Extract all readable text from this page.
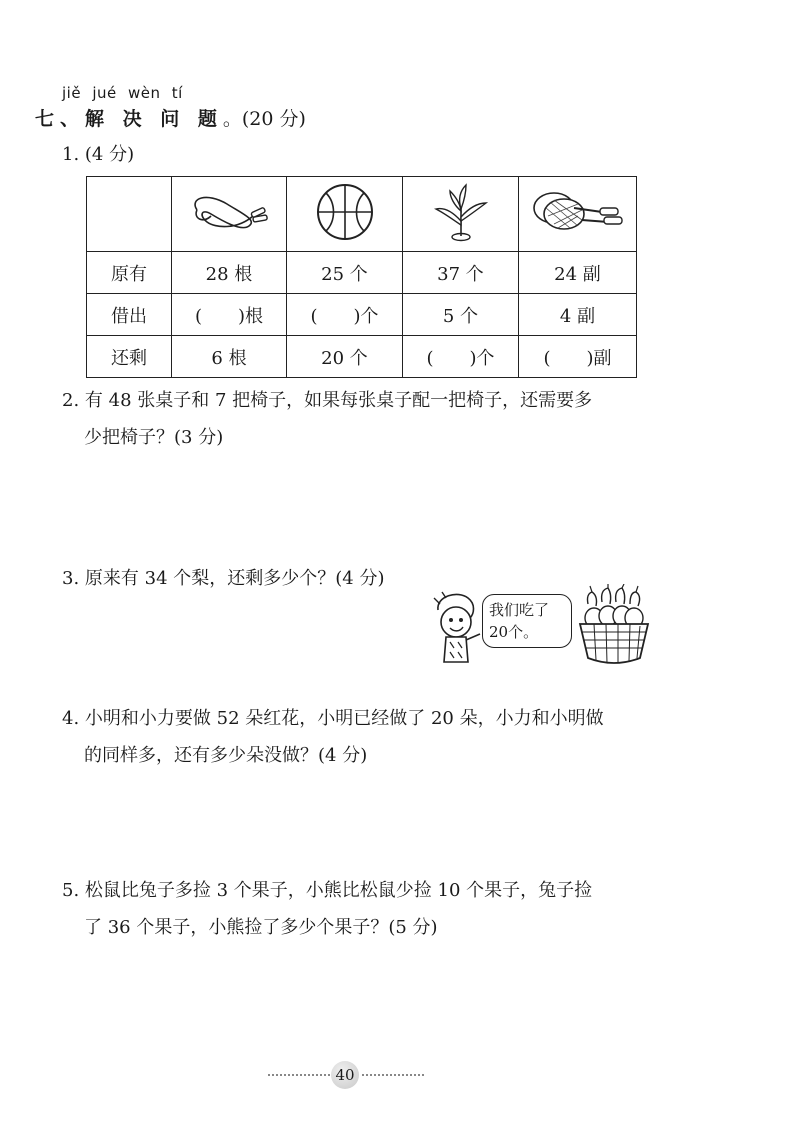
jiě jué wèn tí
七、解 决 问 题。(20 分)
1. (4 分)

原有	28 根	25 个	37 个	24 副
借出	(　　)根	(　　)个	5 个	4 副
还剩	6 根	20 个	(　　)个	(　　)副
2. 有 48 张桌子和 7 把椅子，如果每张桌子配一把椅子，还需要多
少把椅子？(3 分)
3. 原来有 34 个梨，还剩多少个？(4 分)
我们吃了
20个。
4. 小明和小力要做 52 朵红花，小明已经做了 20 朵，小力和小明做
的同样多，还有多少朵没做？(4 分)
5. 松鼠比兔子多捡 3 个果子，小熊比松鼠少捡 10 个果子，兔子捡
了 36 个果子，小熊捡了多少个果子？(5 分)
40
